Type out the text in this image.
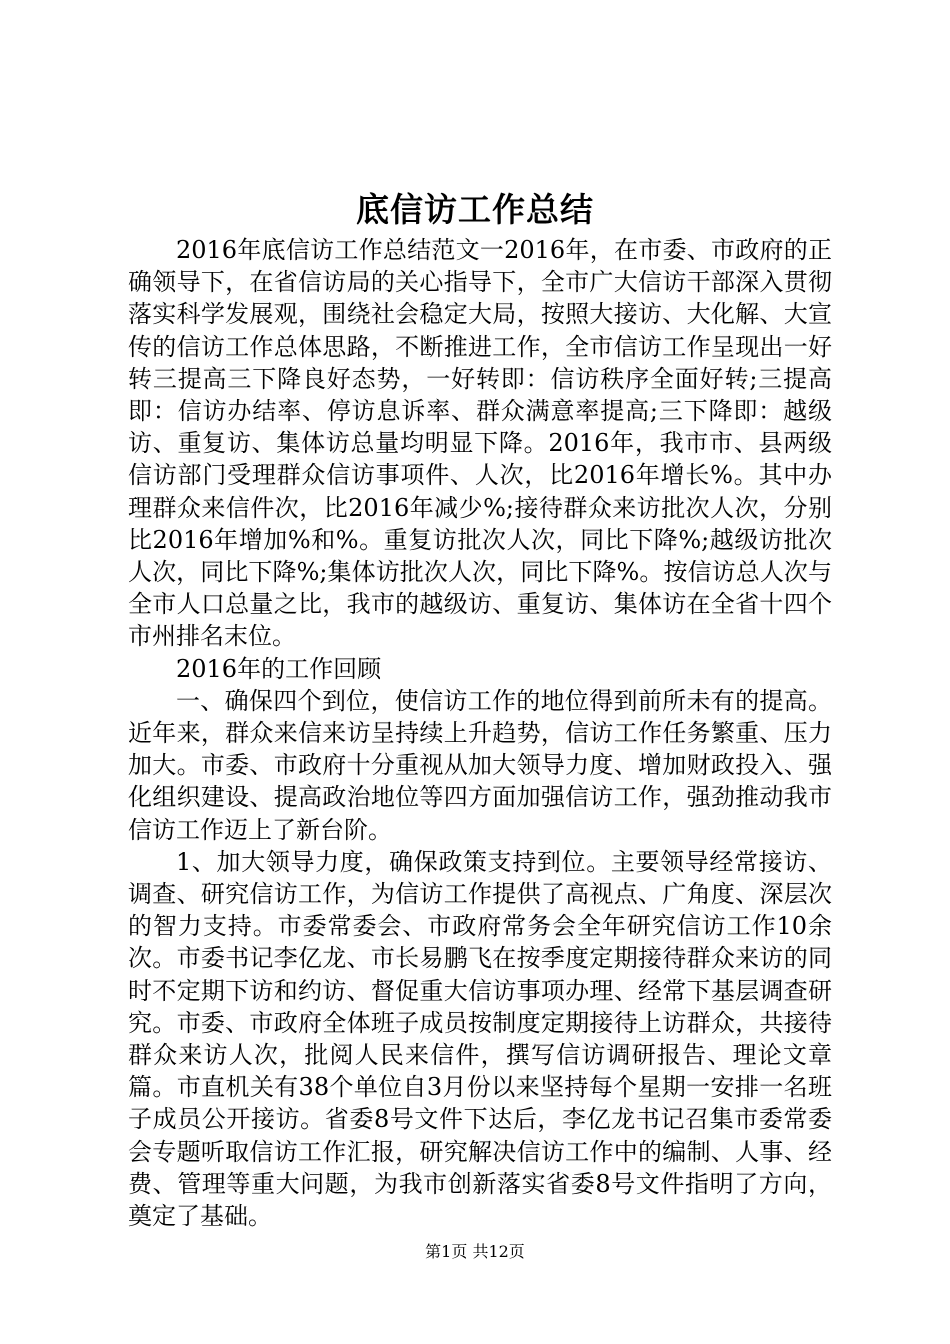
底信访工作总结

2016年底信访工作总结范文一2016年，在市委、市政府的正确领导下，在省信访局的关心指导下，全市广大信访干部深入贯彻落实科学发展观，围绕社会稳定大局，按照大接访、大化解、大宣传的信访工作总体思路，不断推进工作，全市信访工作呈现出一好转三提高三下降良好态势，一好转即：信访秩序全面好转;三提高即：信访办结率、停访息诉率、群众满意率提高;三下降即：越级访、重复访、集体访总量均明显下降。2016年，我市市、县两级信访部门受理群众信访事项件、人次，比2016年增长%。其中办理群众来信件次，比2016年减少%;接待群众来访批次人次，分别比2016年增加%和%。重复访批次人次，同比下降%;越级访批次人次，同比下降%;集体访批次人次，同比下降%。按信访总人次与全市人口总量之比，我市的越级访、重复访、集体访在全省十四个市州排名末位。

2016年的工作回顾

一、确保四个到位，使信访工作的地位得到前所未有的提高。近年来，群众来信来访呈持续上升趋势，信访工作任务繁重、压力加大。市委、市政府十分重视从加大领导力度、增加财政投入、强化组织建设、提高政治地位等四方面加强信访工作，强劲推动我市信访工作迈上了新台阶。

1、加大领导力度，确保政策支持到位。主要领导经常接访、调查、研究信访工作，为信访工作提供了高视点、广角度、深层次的智力支持。市委常委会、市政府常务会全年研究信访工作10余次。市委书记李亿龙、市长易鹏飞在按季度定期接待群众来访的同时不定期下访和约访、督促重大信访事项办理、经常下基层调查研究。市委、市政府全体班子成员按制度定期接待上访群众，共接待群众来访人次，批阅人民来信件，撰写信访调研报告、理论文章篇。市直机关有38个单位自3月份以来坚持每个星期一安排一名班子成员公开接访。省委8号文件下达后，李亿龙书记召集市委常委会专题听取信访工作汇报，研究解决信访工作中的编制、人事、经费、管理等重大问题，为我市创新落实省委8号文件指明了方向，奠定了基础。

第1页 共12页
